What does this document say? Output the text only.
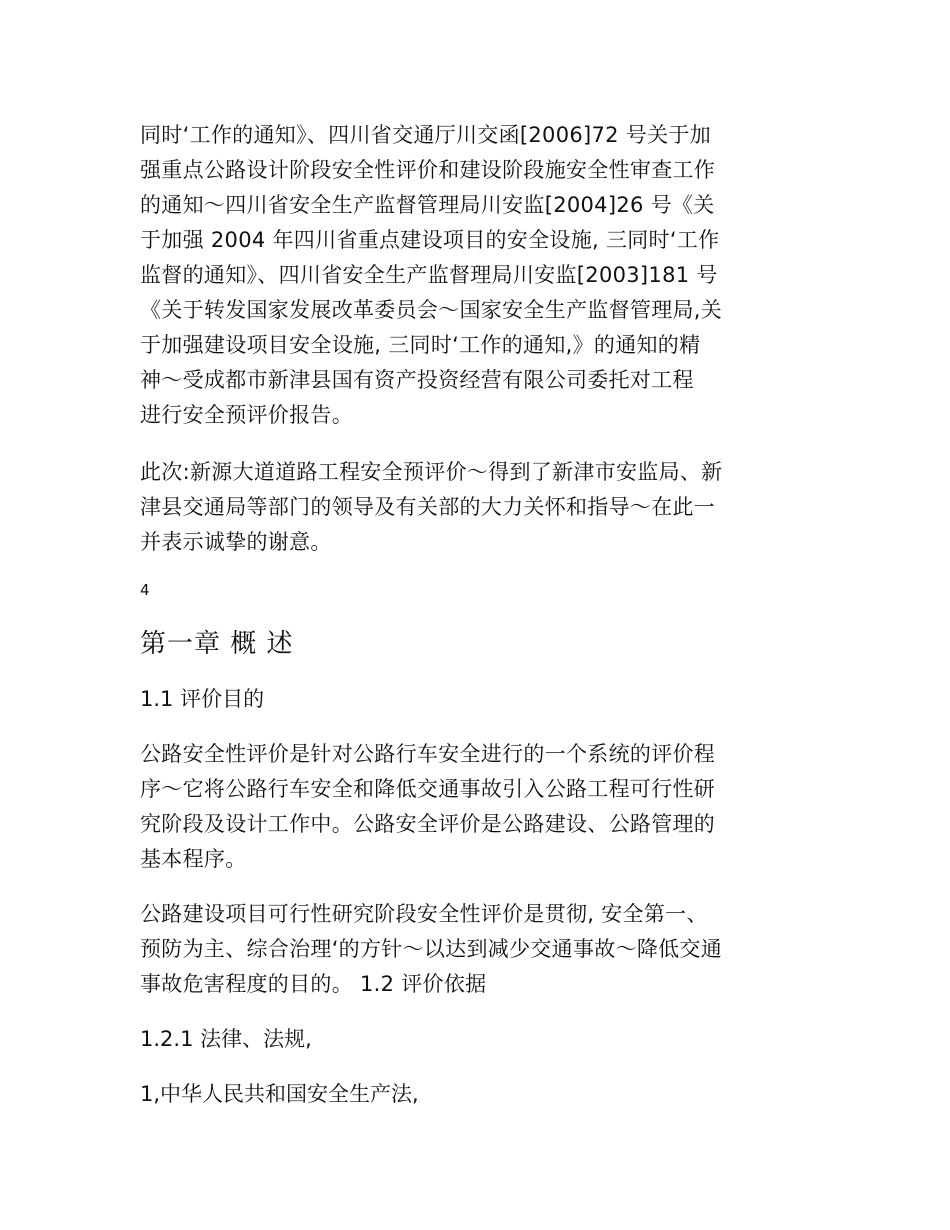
同时‘工作的通知》、四川省交通厅川交函[2006]72 号关于加
强重点公路设计阶段安全性评价和建设阶段施安全性审查工作
的通知～四川省安全生产监督管理局川安监[2004]26 号《关
于加强 2004 年四川省重点建设项目的安全设施, 三同时‘工作
监督的通知》、四川省安全生产监督理局川安监[2003]181 号
《关于转发国家发展改革委员会～国家安全生产监督管理局,关
于加强建设项目安全设施, 三同时‘工作的通知,》的通知的精
神～受成都市新津县国有资产投资经营有限公司委托对工程
进行安全预评价报告。
此次:新源大道道路工程安全预评价～得到了新津市安监局、新
津县交通局等部门的领导及有关部的大力关怀和指导～在此一
并表示诚挚的谢意。
4
第一章 概 述
1.1 评价目的
公路安全性评价是针对公路行车安全进行的一个系统的评价程
序～它将公路行车安全和降低交通事故引入公路工程可行性研
究阶段及设计工作中。公路安全评价是公路建设、公路管理的
基本程序。
公路建设项目可行性研究阶段安全性评价是贯彻, 安全第一、
预防为主、综合治理‘的方针～以达到减少交通事故～降低交通
事故危害程度的目的。 1.2 评价依据
1.2.1 法律、法规,
1,中华人民共和国安全生产法,
